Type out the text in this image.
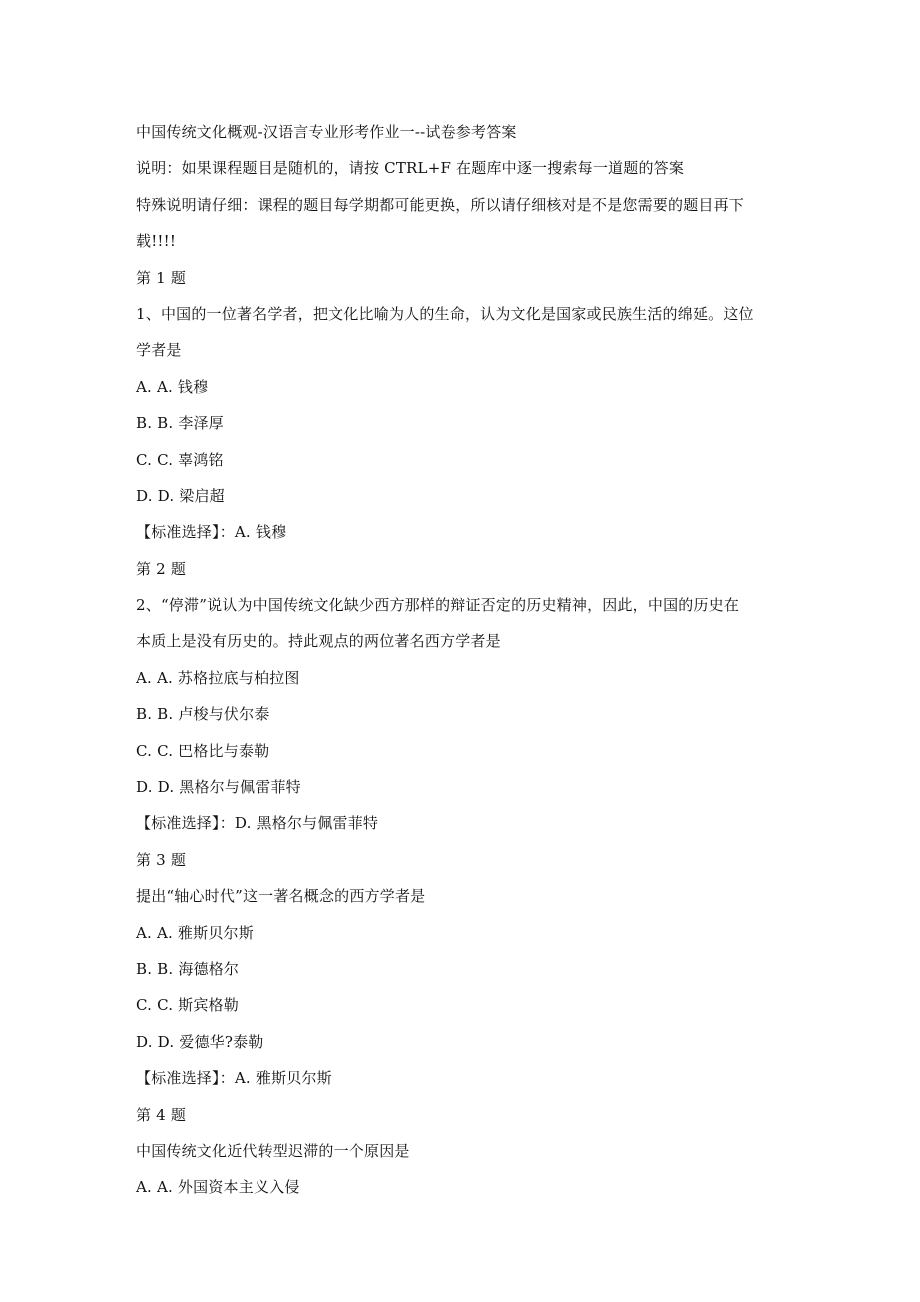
中国传统文化概观-汉语言专业形考作业一--试卷参考答案
说明：如果课程题目是随机的，请按 CTRL+F 在题库中逐一搜索每一道题的答案
特殊说明请仔细：课程的题目每学期都可能更换，所以请仔细核对是不是您需要的题目再下
载!!!!
第 1 题
1、中国的一位著名学者，把文化比喻为人的生命，认为文化是国家或民族生活的绵延。这位
学者是
A. A. 钱穆
B. B. 李泽厚
C. C. 辜鸿铭
D. D. 梁启超
【标准选择】：A. 钱穆
第 2 题
2、“停滞”说认为中国传统文化缺少西方那样的辩证否定的历史精神，因此，中国的历史在
本质上是没有历史的。持此观点的两位著名西方学者是
A. A. 苏格拉底与柏拉图
B. B. 卢梭与伏尔泰
C. C. 巴格比与泰勒
D. D. 黑格尔与佩雷菲特
【标准选择】：D. 黑格尔与佩雷菲特
第 3 题
提出“轴心时代”这一著名概念的西方学者是
A. A. 雅斯贝尔斯
B. B. 海德格尔
C. C. 斯宾格勒
D. D. 爱德华?泰勒
【标准选择】：A. 雅斯贝尔斯
第 4 题
中国传统文化近代转型迟滞的一个原因是
A. A. 外国资本主义入侵
